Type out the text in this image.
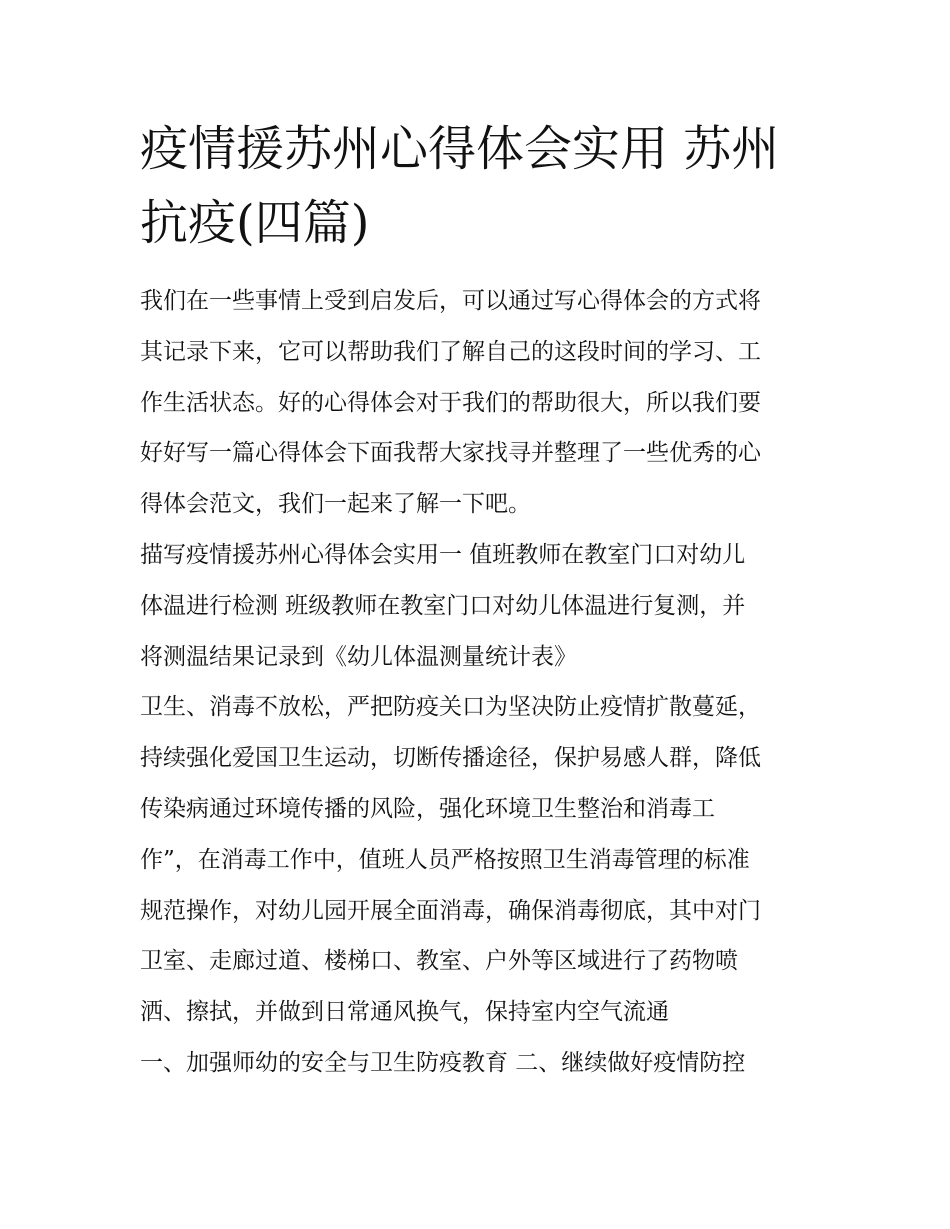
疫情援苏州心得体会实用 苏州
抗疫(四篇)
我们在一些事情上受到启发后，可以通过写心得体会的方式将
其记录下来，它可以帮助我们了解自己的这段时间的学习、工
作生活状态。好的心得体会对于我们的帮助很大，所以我们要
好好写一篇心得体会下面我帮大家找寻并整理了一些优秀的心
得体会范文，我们一起来了解一下吧。
描写疫情援苏州心得体会实用一 值班教师在教室门口对幼儿
体温进行检测 班级教师在教室门口对幼儿体温进行复测，并
将测温结果记录到《幼儿体温测量统计表》
卫生、消毒不放松，严把防疫关口为坚决防止疫情扩散蔓延，
持续强化爱国卫生运动，切断传播途径，保护易感人群，降低
传染病通过环境传播的风险，强化环境卫生整治和消毒工
作”，在消毒工作中，值班人员严格按照卫生消毒管理的标准
规范操作，对幼儿园开展全面消毒，确保消毒彻底，其中对门
卫室、走廊过道、楼梯口、教室、户外等区域进行了药物喷
洒、擦拭，并做到日常通风换气，保持室内空气流通
一、加强师幼的安全与卫生防疫教育 二、继续做好疫情防控
